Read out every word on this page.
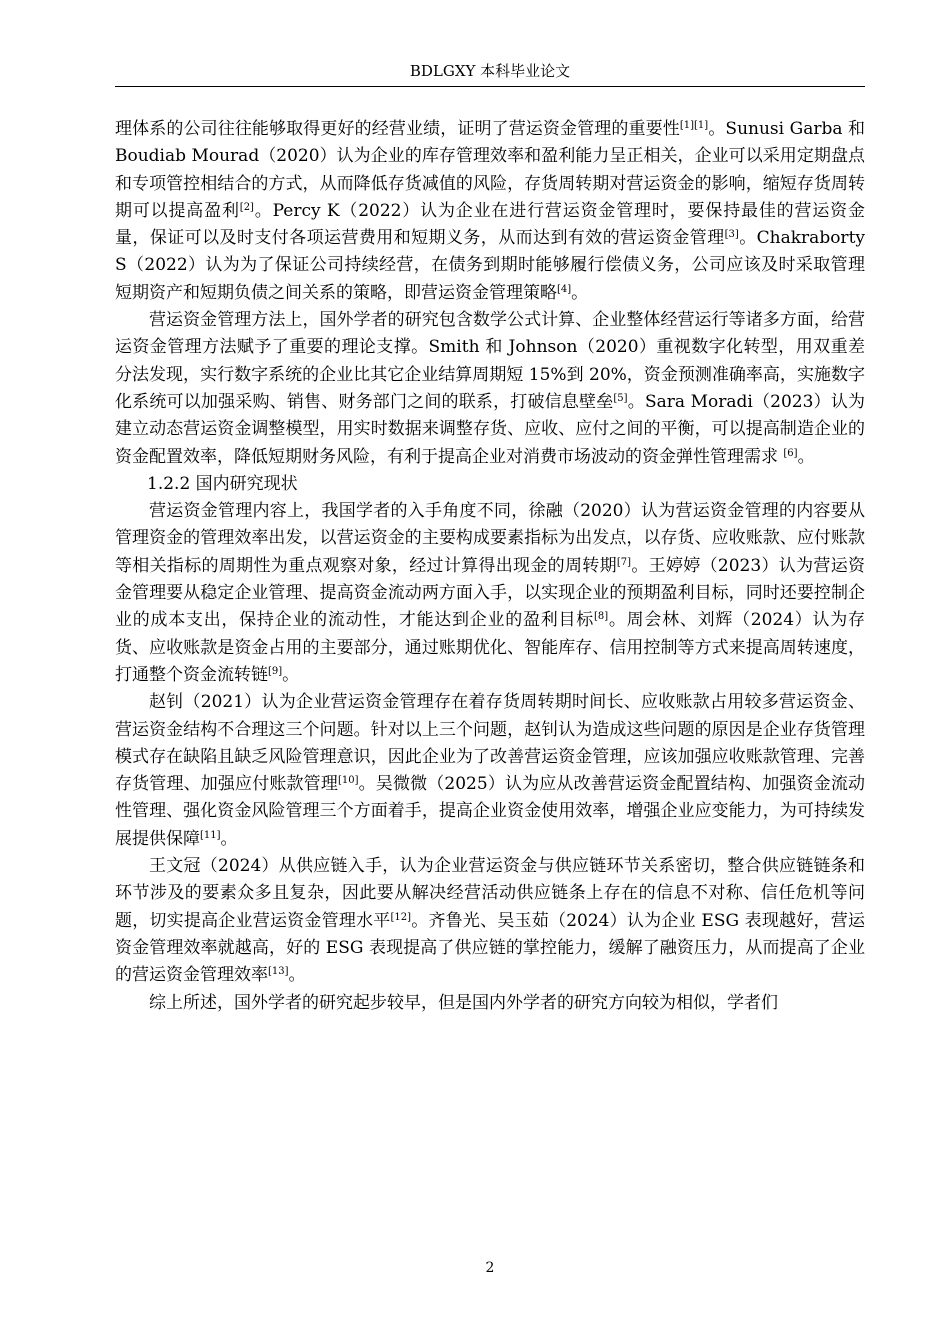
BDLGXY 本科毕业论文

理体系的公司往往能够取得更好的经营业绩，证明了营运资金管理的重要性[1][1]。Sunusi Garba 和 Boudiab Mourad（2020）认为企业的库存管理效率和盈利能力呈正相关，企业可以采用定期盘点和专项管控相结合的方式，从而降低存货减值的风险，存货周转期对营运资金的影响，缩短存货周转期可以提高盈利[2]。Percy K（2022）认为企业在进行营运资金管理时，要保持最佳的营运资金量，保证可以及时支付各项运营费用和短期义务，从而达到有效的营运资金管理[3]。Chakraborty S（2022）认为为了保证公司持续经营，在债务到期时能够履行偿债义务，公司应该及时采取管理短期资产和短期负债之间关系的策略，即营运资金管理策略[4]。

营运资金管理方法上，国外学者的研究包含数学公式计算、企业整体经营运行等诸多方面，给营运资金管理方法赋予了重要的理论支撑。Smith 和 Johnson（2020）重视数字化转型，用双重差分法发现，实行数字系统的企业比其它企业结算周期短 15%到 20%，资金预测准确率高，实施数字化系统可以加强采购、销售、财务部门之间的联系，打破信息壁垒[5]。Sara Moradi（2023）认为建立动态营运资金调整模型，用实时数据来调整存货、应收、应付之间的平衡，可以提高制造企业的资金配置效率，降低短期财务风险，有利于提高企业对消费市场波动的资金弹性管理需求 [6]。

1.2.2 国内研究现状

营运资金管理内容上，我国学者的入手角度不同，徐融（2020）认为营运资金管理的内容要从管理资金的管理效率出发，以营运资金的主要构成要素指标为出发点，以存货、应收账款、应付账款等相关指标的周期性为重点观察对象，经过计算得出现金的周转期[7]。王婷婷（2023）认为营运资金管理要从稳定企业管理、提高资金流动两方面入手，以实现企业的预期盈利目标，同时还要控制企业的成本支出，保持企业的流动性，才能达到企业的盈利目标[8]。周会林、刘辉（2024）认为存货、应收账款是资金占用的主要部分，通过账期优化、智能库存、信用控制等方式来提高周转速度，打通整个资金流转链[9]。

赵钊（2021）认为企业营运资金管理存在着存货周转期时间长、应收账款占用较多营运资金、营运资金结构不合理这三个问题。针对以上三个问题，赵钊认为造成这些问题的原因是企业存货管理模式存在缺陷且缺乏风险管理意识，因此企业为了改善营运资金管理，应该加强应收账款管理、完善存货管理、加强应付账款管理[10]。吴微微（2025）认为应从改善营运资金配置结构、加强资金流动性管理、强化资金风险管理三个方面着手，提高企业资金使用效率，增强企业应变能力，为可持续发展提供保障[11]。

王文冠（2024）从供应链入手，认为企业营运资金与供应链环节关系密切，整合供应链链条和环节涉及的要素众多且复杂，因此要从解决经营活动供应链条上存在的信息不对称、信任危机等问题，切实提高企业营运资金管理水平[12]。齐鲁光、吴玉茹（2024）认为企业 ESG 表现越好，营运资金管理效率就越高，好的 ESG 表现提高了供应链的掌控能力，缓解了融资压力，从而提高了企业的营运资金管理效率[13]。

综上所述，国外学者的研究起步较早，但是国内外学者的研究方向较为相似，学者们

2
